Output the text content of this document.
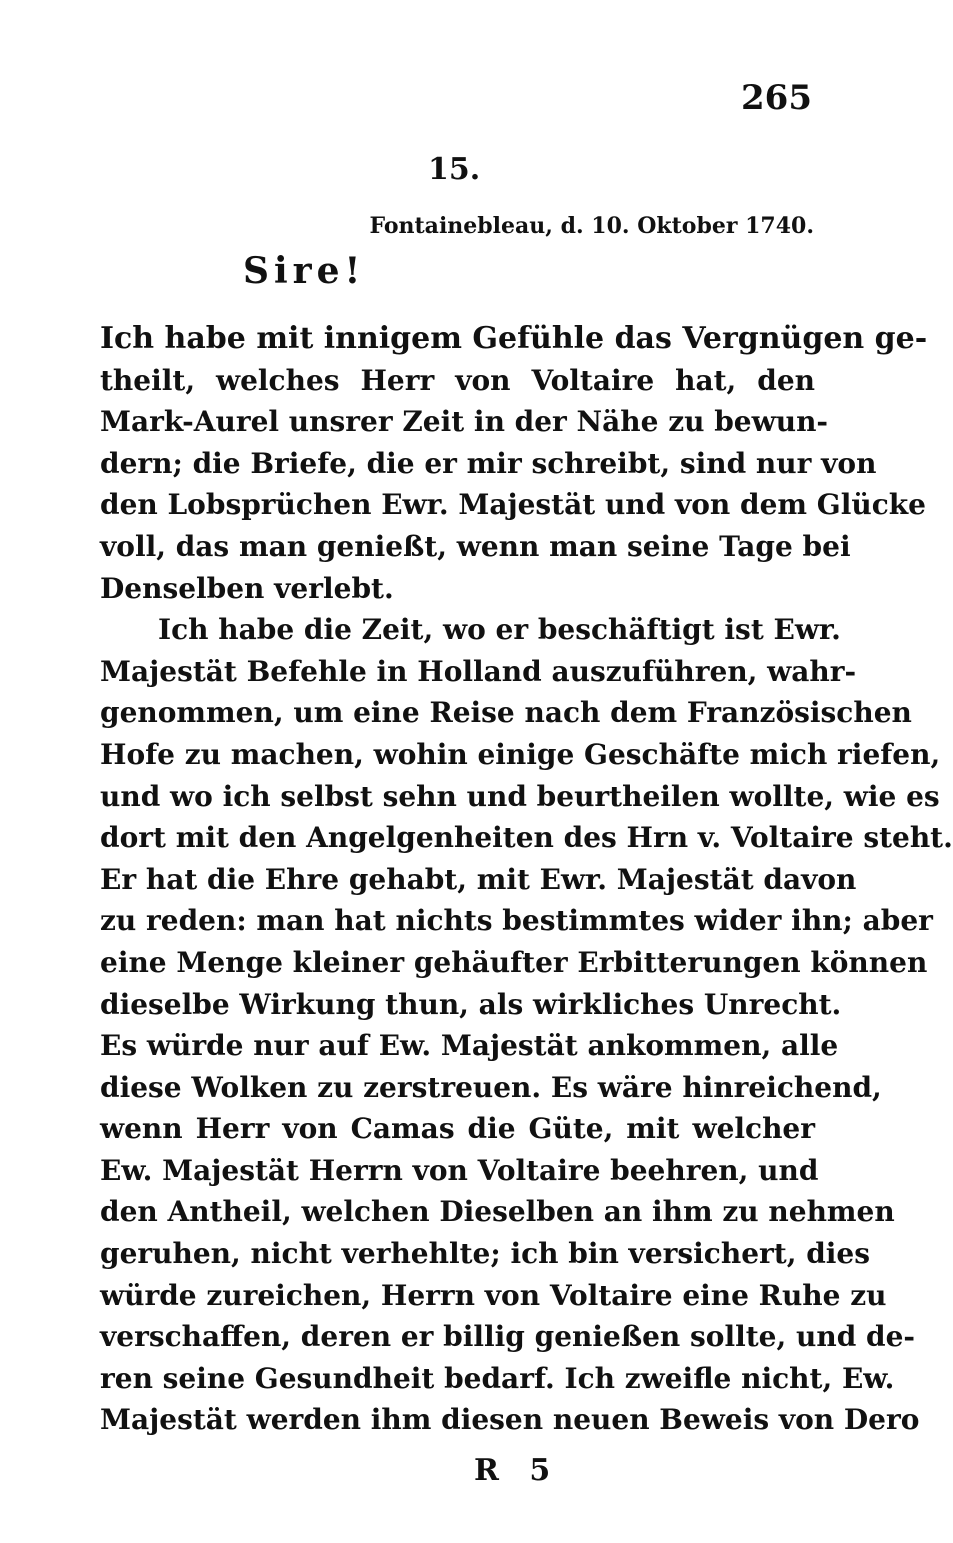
265
15.
Fontainebleau, d. 10. Oktober 1740.
Sire!
Ich habe mit innigem Gefühle das Vergnügen ge-
theilt, welches Herr von Voltaire hat, den
Mark-Aurel unsrer Zeit in der Nähe zu bewun-
dern; die Briefe, die er mir schreibt, sind nur von
den Lobsprüchen Ewr. Majestät und von dem Glücke
voll, das man genießt, wenn man seine Tage bei
Denselben verlebt.
Ich habe die Zeit, wo er beschäftigt ist Ewr.
Majestät Befehle in Holland auszuführen, wahr-
genommen, um eine Reise nach dem Französischen
Hofe zu machen, wohin einige Geschäfte mich riefen,
und wo ich selbst sehn und beurtheilen wollte, wie es
dort mit den Angelgenheiten des Hrn v. Voltaire steht.
Er hat die Ehre gehabt, mit Ewr. Majestät davon
zu reden: man hat nichts bestimmtes wider ihn; aber
eine Menge kleiner gehäufter Erbitterungen können
dieselbe Wirkung thun, als wirkliches Unrecht.
Es würde nur auf Ew. Majestät ankommen, alle
diese Wolken zu zerstreuen. Es wäre hinreichend,
wenn Herr von Camas die Güte, mit welcher
Ew. Majestät Herrn von Voltaire beehren, und
den Antheil, welchen Dieselben an ihm zu nehmen
geruhen, nicht verhehlte; ich bin versichert, dies
würde zureichen, Herrn von Voltaire eine Ruhe zu
verschaffen, deren er billig genießen sollte, und de-
ren seine Gesundheit bedarf. Ich zweifle nicht, Ew.
Majestät werden ihm diesen neuen Beweis von Dero
R 5
